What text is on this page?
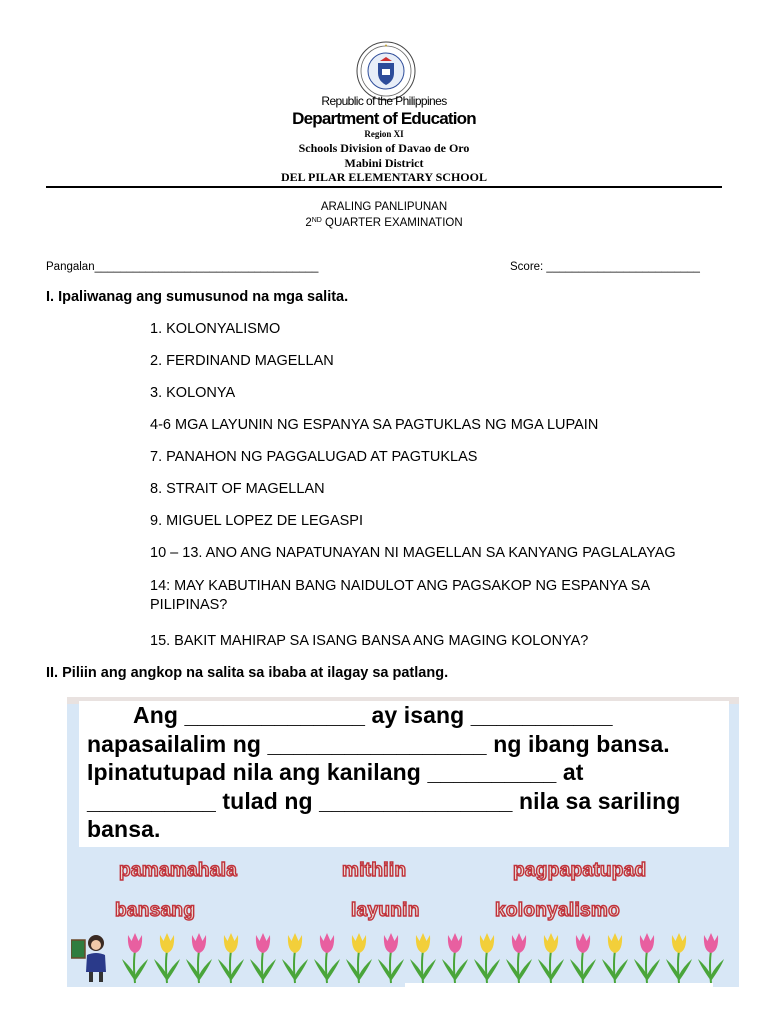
Republic of the Philippines
Department of Education
Region XI
Schools Division of Davao de Oro
Mabini District
DEL PILAR ELEMENTARY SCHOOL
ARALING PANLIPUNAN
2ND QUARTER EXAMINATION
Pangalan___________________________________	Score: ________________________
I. Ipaliwanag ang sumusunod na mga salita.
1. KOLONYALISMO
2. FERDINAND MAGELLAN
3. KOLONYA
4-6 MGA LAYUNIN NG ESPANYA SA PAGTUKLAS NG MGA LUPAIN
7. PANAHON NG PAGGALUGAD AT PAGTUKLAS
8. STRAIT OF MAGELLAN
9. MIGUEL LOPEZ DE LEGASPI
10 – 13. ANO ANG NAPATUNAYAN NI MAGELLAN SA KANYANG PAGLALAYAG
14: MAY KABUTIHAN BANG NAIDULOT ANG PAGSAKOP NG ESPANYA SA PILIPINAS?
15. BAKIT MAHIRAP SA ISANG BANSA ANG MAGING KOLONYA?
II. Piliin ang angkop na salita sa ibaba at ilagay sa patlang.

Ang ______________ ay isang ___________

napasailalim ng _________________ ng ibang bansa.

Ipinatutupad nila ang kanilang __________ at

__________ tulad ng _______________ nila sa sariling

bansa.

pamamahala	mithiin	pagpapatupad
bansang	layunin	kolonyalismo
